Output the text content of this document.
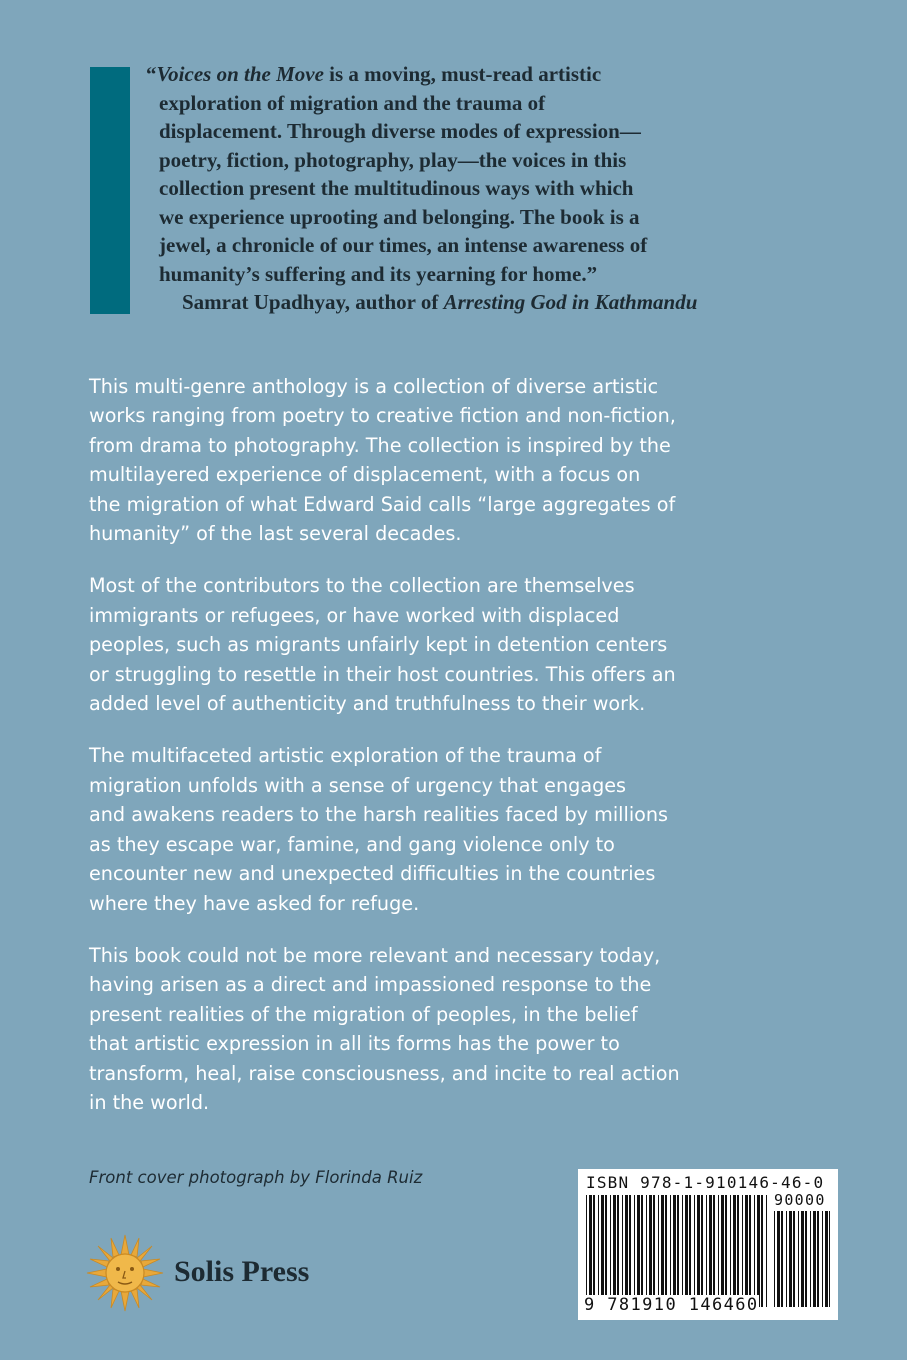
“Voices on the Move is a moving, must-read artistic
exploration of migration and the trauma of
displacement. Through diverse modes of expression—
poetry, fiction, photography, play—the voices in this
collection present the multitudinous ways with which
we experience uprooting and belonging. The book is a
jewel, a chronicle of our times, an intense awareness of
humanity’s suffering and its yearning for home.”
Samrat Upadhyay, author of Arresting God in Kathmandu

This multi-genre anthology is a collection of diverse artistic
works ranging from poetry to creative fiction and non-fiction,
from drama to photography. The collection is inspired by the
multilayered experience of displacement, with a focus on
the migration of what Edward Said calls “large aggregates of
humanity” of the last several decades.

Most of the contributors to the collection are themselves
immigrants or refugees, or have worked with displaced
peoples, such as migrants unfairly kept in detention centers
or struggling to resettle in their host countries. This offers an
added level of authenticity and truthfulness to their work.

The multifaceted artistic exploration of the trauma of
migration unfolds with a sense of urgency that engages
and awakens readers to the harsh realities faced by millions
as they escape war, famine, and gang violence only to
encounter new and unexpected difficulties in the countries
where they have asked for refuge.

This book could not be more relevant and necessary today,
having arisen as a direct and impassioned response to the
present realities of the migration of peoples, in the belief
that artistic expression in all its forms has the power to
transform, heal, raise consciousness, and incite to real action
in the world.

Front cover photograph by Florinda Ruiz
Solis Press
ISBN 978-1-910146-46-0
90000
9 781910 146460
